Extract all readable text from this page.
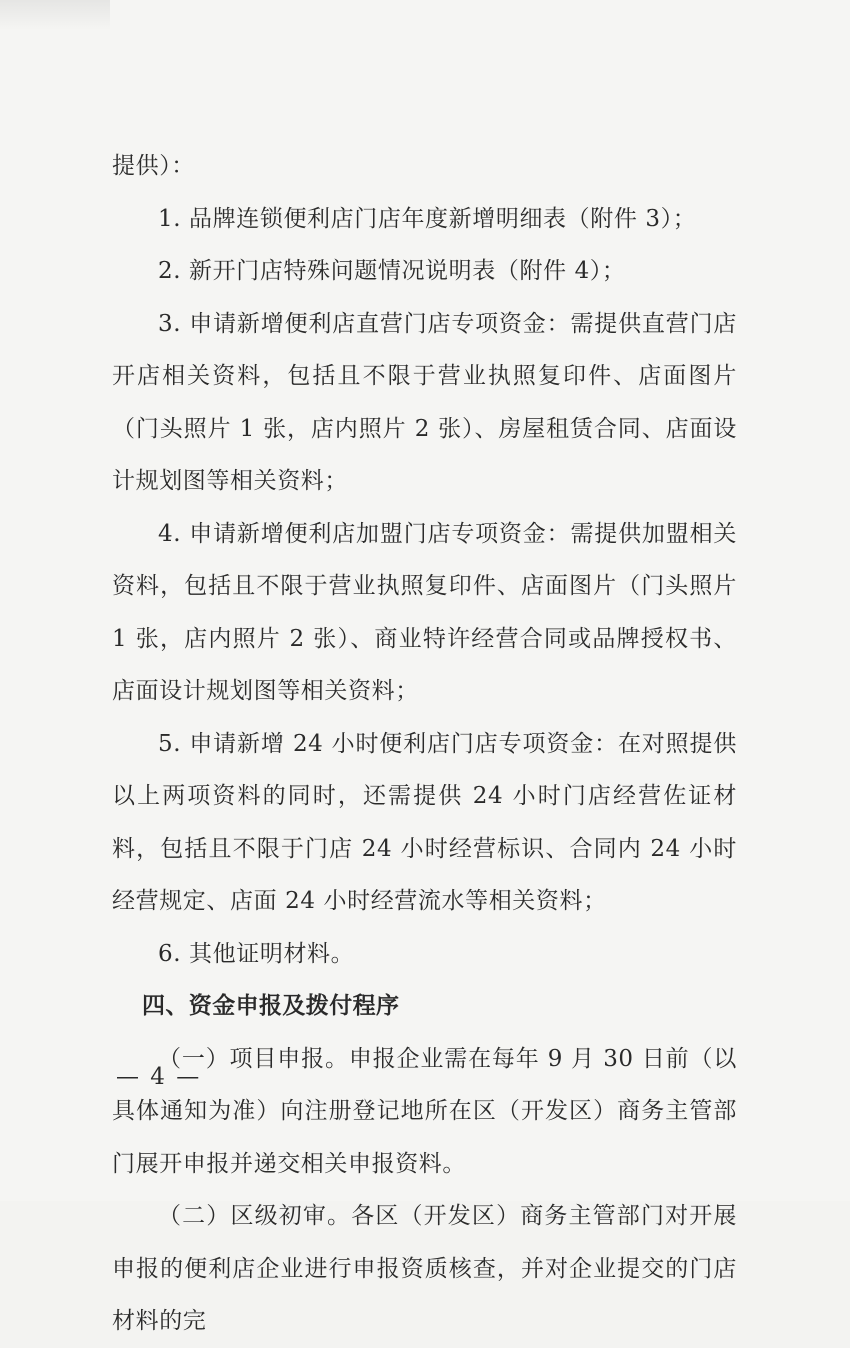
提供）：

1. 品牌连锁便利店门店年度新增明细表（附件 3）；

2. 新开门店特殊问题情况说明表（附件 4）；

3. 申请新增便利店直营门店专项资金：需提供直营门店开店相关资料，包括且不限于营业执照复印件、店面图片（门头照片 1 张，店内照片 2 张）、房屋租赁合同、店面设计规划图等相关资料；

4. 申请新增便利店加盟门店专项资金：需提供加盟相关资料，包括且不限于营业执照复印件、店面图片（门头照片 1 张，店内照片 2 张）、商业特许经营合同或品牌授权书、店面设计规划图等相关资料；

5. 申请新增 24 小时便利店门店专项资金：在对照提供以上两项资料的同时，还需提供 24 小时门店经营佐证材料，包括且不限于门店 24 小时经营标识、合同内 24 小时经营规定、店面 24 小时经营流水等相关资料；

6. 其他证明材料。

四、资金申报及拨付程序

（一）项目申报。申报企业需在每年 9 月 30 日前（以具体通知为准）向注册登记地所在区（开发区）商务主管部门展开申报并递交相关申报资料。

（二）区级初审。各区（开发区）商务主管部门对开展申报的便利店企业进行申报资质核查，并对企业提交的门店材料的完

— 4 —
